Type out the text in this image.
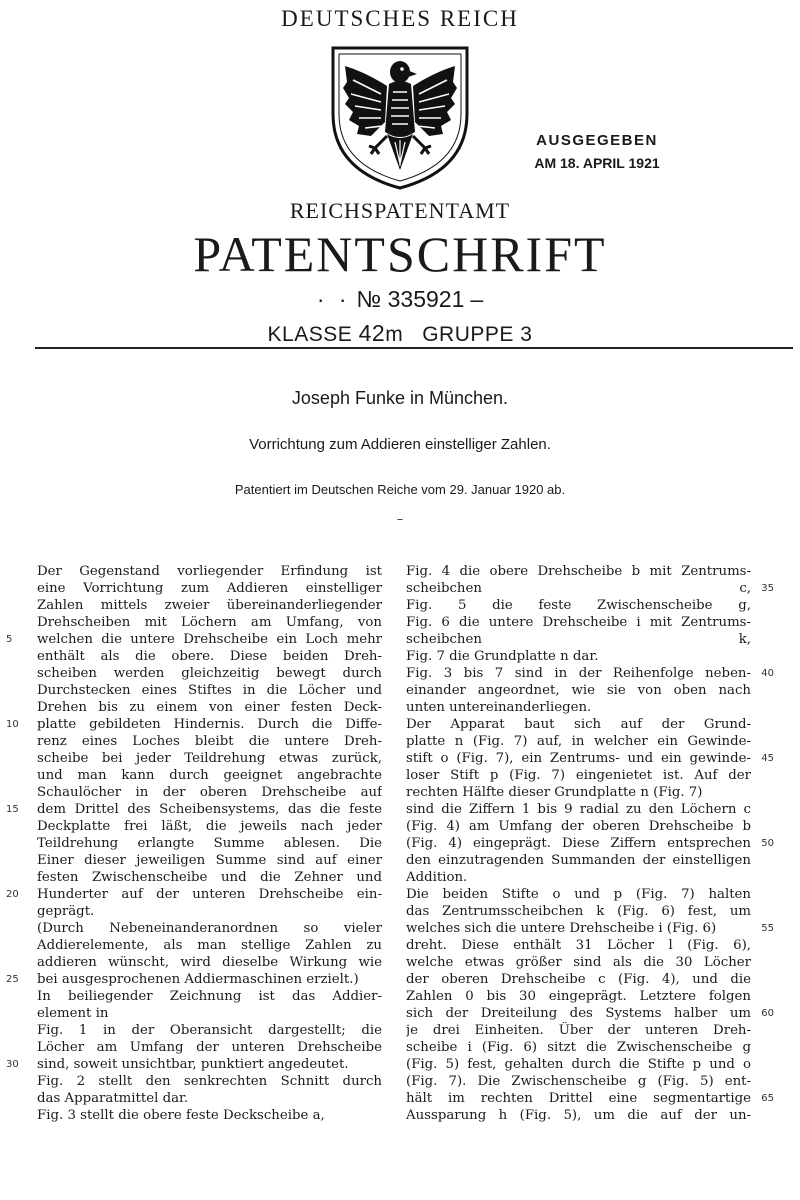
DEUTSCHES REICH
AUSGEGEBEN
AM 18. APRIL 1921
REICHSPATENTAMT
PATENTSCHRIFT
· · № 335921 –
KLASSE 42m GRUPPE 3
Joseph Funke in München.
Vorrichtung zum Addieren einstelliger Zahlen.
Patentiert im Deutschen Reiche vom 29. Januar 1920 ab.
–
Der Gegenstand vorliegender Erfindung ist
eine Vorrichtung zum Addieren einstelliger
Zahlen mittels zweier übereinanderliegender
Drehscheiben mit Löchern am Umfang, von
welchen die untere Drehscheibe ein Loch mehr
enthält als die obere. Diese beiden Dreh-
scheiben werden gleichzeitig bewegt durch
Durchstecken eines Stiftes in die Löcher und
Drehen bis zu einem von einer festen Deck-
platte gebildeten Hindernis. Durch die Diffe-
renz eines Loches bleibt die untere Dreh-
scheibe bei jeder Teildrehung etwas zurück,
und man kann durch geeignet angebrachte
Schaulöcher in der oberen Drehscheibe auf
dem Drittel des Scheibensystems, das die feste
Deckplatte frei läßt, die jeweils nach jeder
Teildrehung erlangte Summe ablesen. Die
Einer dieser jeweiligen Summe sind auf einer
festen Zwischenscheibe und die Zehner und
Hunderter auf der unteren Drehscheibe ein-
geprägt.
(Durch Nebeneinanderanordnen so vieler
Addierelemente, als man stellige Zahlen zu
addieren wünscht, wird dieselbe Wirkung wie
bei ausgesprochenen Addiermaschinen erzielt.)
In beiliegender Zeichnung ist das Addier-
element in
Fig. 1 in der Oberansicht dargestellt; die
Löcher am Umfang der unteren Drehscheibe
sind, soweit unsichtbar, punktiert angedeutet.
Fig. 2 stellt den senkrechten Schnitt durch
das Apparatmittel dar.
Fig. 3 stellt die obere feste Deckscheibe a,
Fig. 4 die obere Drehscheibe b mit Zentrums-
scheibchen c,
Fig. 5 die feste Zwischenscheibe g,
Fig. 6 die untere Drehscheibe i mit Zentrums-
scheibchen k,
Fig. 7 die Grundplatte n dar.
Fig. 3 bis 7 sind in der Reihenfolge neben-
einander angeordnet, wie sie von oben nach
unten untereinanderliegen.
Der Apparat baut sich auf der Grund-
platte n (Fig. 7) auf, in welcher ein Gewinde-
stift o (Fig. 7), ein Zentrums- und ein gewinde-
loser Stift p (Fig. 7) eingenietet ist. Auf der
rechten Hälfte dieser Grundplatte n (Fig. 7)
sind die Ziffern 1 bis 9 radial zu den Löchern c
(Fig. 4) am Umfang der oberen Drehscheibe b
(Fig. 4) eingeprägt. Diese Ziffern entsprechen
den einzutragenden Summanden der einstelligen
Addition.
Die beiden Stifte o und p (Fig. 7) halten
das Zentrumsscheibchen k (Fig. 6) fest, um
welches sich die untere Drehscheibe i (Fig. 6)
dreht. Diese enthält 31 Löcher l (Fig. 6),
welche etwas größer sind als die 30 Löcher
der oberen Drehscheibe c (Fig. 4), und die
Zahlen 0 bis 30 eingeprägt. Letztere folgen
sich der Dreiteilung des Systems halber um
je drei Einheiten. Über der unteren Dreh-
scheibe i (Fig. 6) sitzt die Zwischenscheibe g
(Fig. 5) fest, gehalten durch die Stifte p und o
(Fig. 7). Die Zwischenscheibe g (Fig. 5) ent-
hält im rechten Drittel eine segmentartige
Aussparung h (Fig. 5), um die auf der un-
5
10
15
20
25
30
35
40
45
50
55
60
65
